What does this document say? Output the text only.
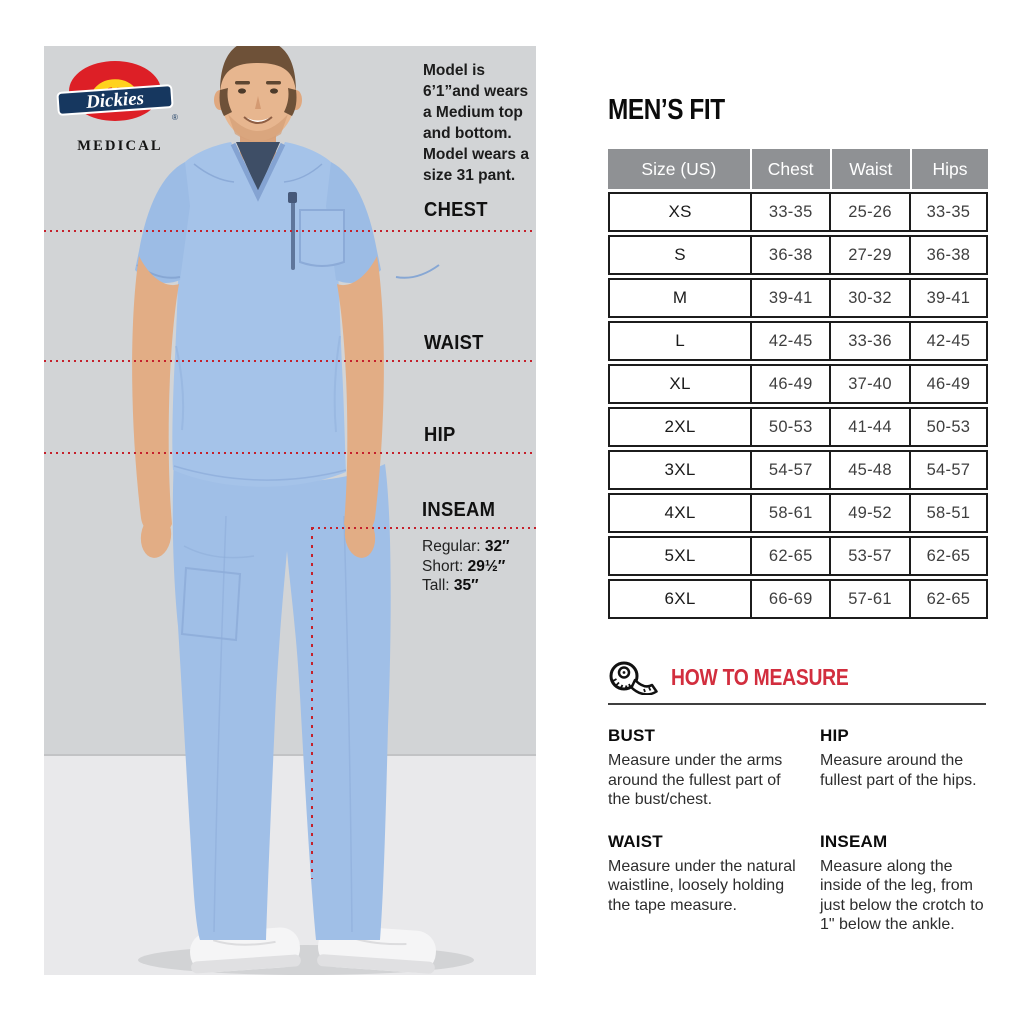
Dickies
®
MEDICAL
Model is 6’1”and wears a Medium top and bottom. Model wears a size 31 pant.
CHEST
WAIST
HIP
INSEAM
Regular: 32″
Short: 29½″
Tall: 35″
MEN’S FIT
Size (US)	Chest	Waist	Hips
XS	33-35	25-26	33-35
S	36-38	27-29	36-38
M	39-41	30-32	39-41
L	42-45	33-36	42-45
XL	46-49	37-40	46-49
2XL	50-53	41-44	50-53
3XL	54-57	45-48	54-57
4XL	58-61	49-52	58-51
5XL	62-65	53-57	62-65
6XL	66-69	57-61	62-65
HOW TO MEASURE
BUST

Measure under the arms around the fullest part of the bust/chest.

HIP

Measure around the fullest part of the hips.

WAIST

Measure under the natural waistline, loosely holding the tape measure.

INSEAM

Measure along the inside of the leg, from just below the crotch to 1" below the ankle.
